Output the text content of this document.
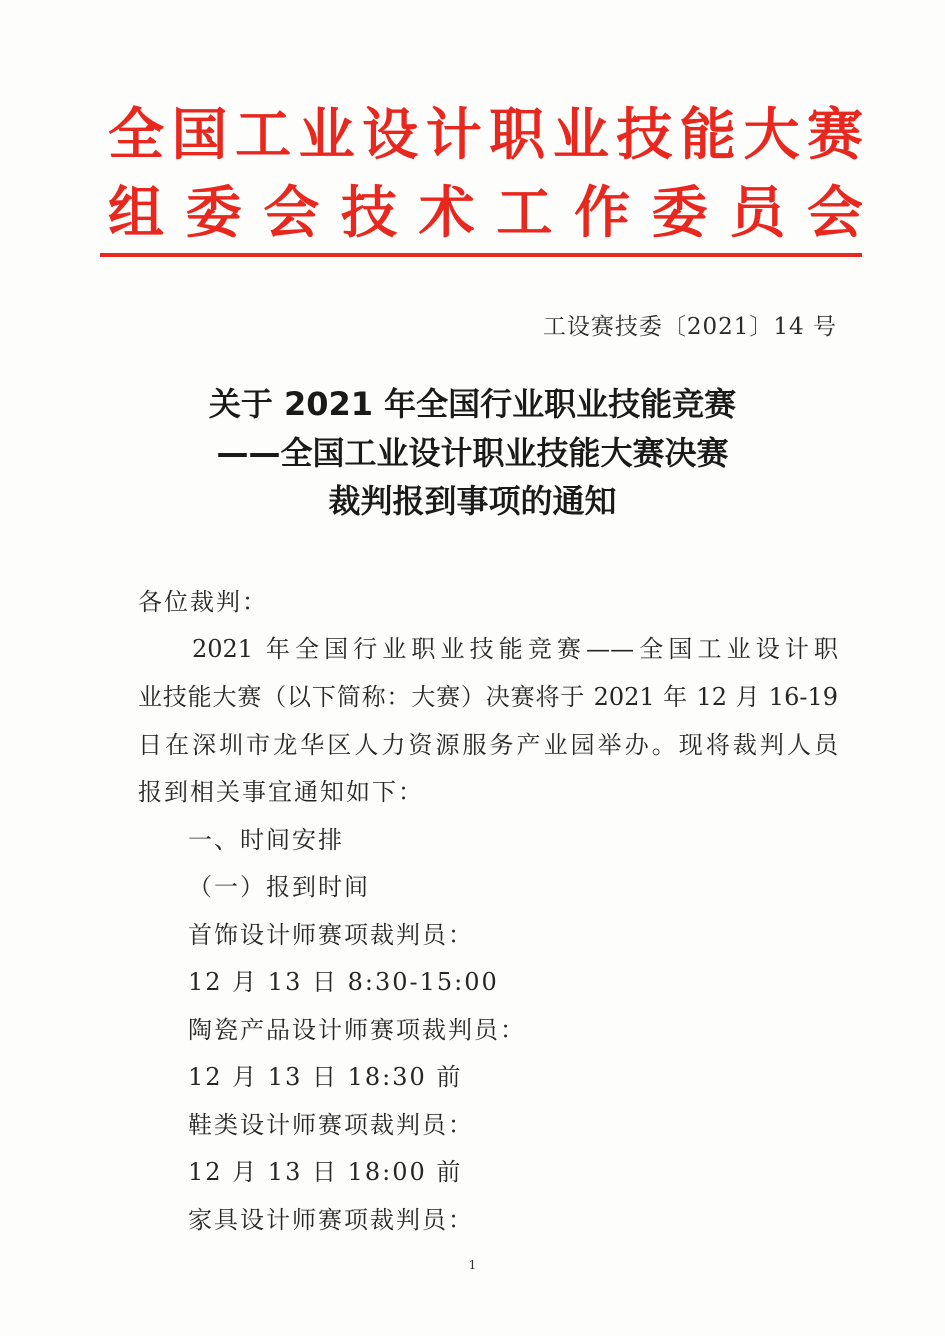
全国工业设计职业技能大赛
组委会技术工作委员会
工设赛技委〔2021〕14 号
关于 2021 年全国行业职业技能竞赛
——全国工业设计职业技能大赛决赛
裁判报到事项的通知
各位裁判：
2021 年全国行业职业技能竞赛——全国工业设计职
业技能大赛（以下简称：大赛）决赛将于 2021 年 12 月 16-19
日在深圳市龙华区人力资源服务产业园举办。现将裁判人员
报到相关事宜通知如下：
一、时间安排
（一）报到时间
首饰设计师赛项裁判员：
12 月 13 日 8:30-15:00
陶瓷产品设计师赛项裁判员：
12 月 13 日 18:30 前
鞋类设计师赛项裁判员：
12 月 13 日 18:00 前
家具设计师赛项裁判员：
1
